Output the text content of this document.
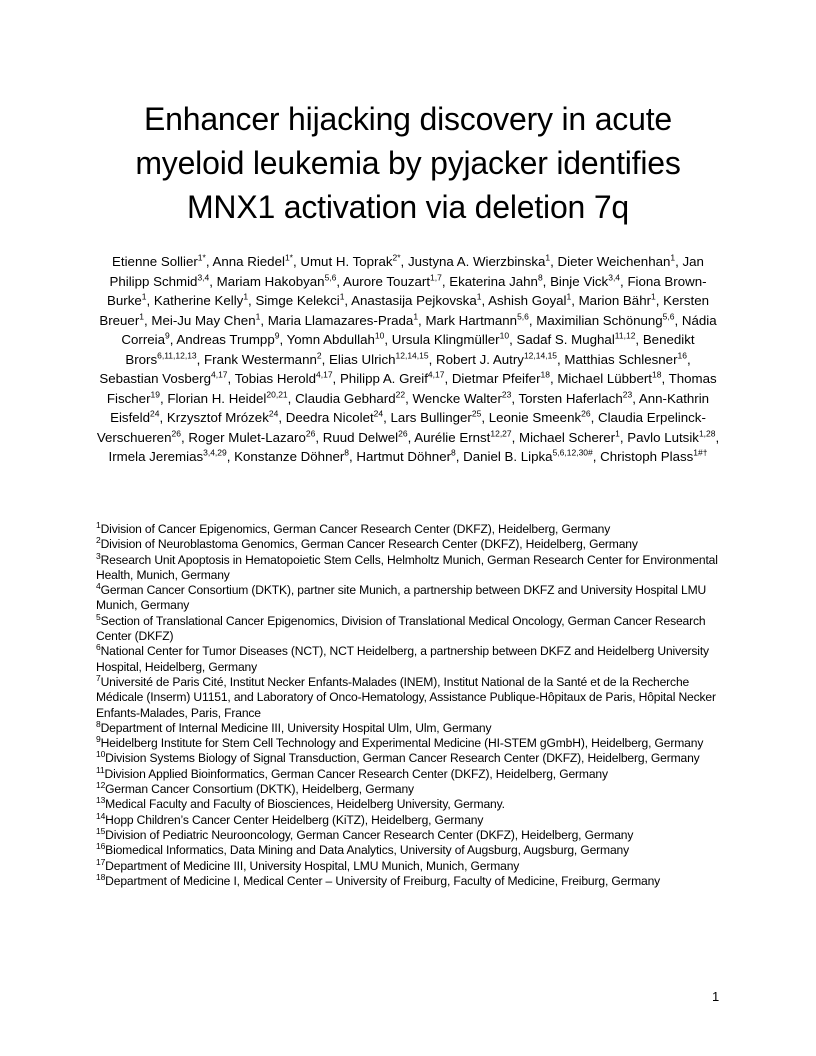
Enhancer hijacking discovery in acute
myeloid leukemia by pyjacker identifies
MNX1 activation via deletion 7q
Etienne Sollier$^{1*}$, Anna Riedel$^{1*}$, Umut H. Toprak$^{2*}$, Justyna A. Wierzbinska$^1$, Dieter Weichenhan$^1$, Jan Philipp Schmid$^{3,4}$, Mariam Hakobyan$^{5,6}$, Aurore Touzart$^{1,7}$, Ekaterina Jahn$^8$, Binje Vick$^{3,4}$, Fiona Brown-Burke$^1$, Katherine Kelly$^1$, Simge Kelekci$^1$, Anastasija Pejkovska$^1$, Ashish Goyal$^1$, Marion Bähr$^1$, Kersten Breuer$^1$, Mei-Ju May Chen$^1$, Maria Llamazares-Prada$^1$, Mark Hartmann$^{5,6}$, Maximilian Schönung$^{5,6}$, Nádia Correia$^9$, Andreas Trumpp$^9$, Yomn Abdullah$^{10}$, Ursula Klingmüller$^{10}$, Sadaf S. Mughal$^{11,12}$, Benedikt Brors$^{6,11,12,13}$, Frank Westermann$^2$, Elias Ulrich$^{12,14,15}$, Robert J. Autry$^{12,14,15}$, Matthias Schlesner$^{16}$, Sebastian Vosberg$^{4,17}$, Tobias Herold$^{4,17}$, Philipp A. Greif$^{4,17}$, Dietmar Pfeifer$^{18}$, Michael Lübbert$^{18}$, Thomas Fischer$^{19}$, Florian H. Heidel$^{20,21}$, Claudia Gebhard$^{22}$, Wencke Walter$^{23}$, Torsten Haferlach$^{23}$, Ann-Kathrin Eisfeld$^{24}$, Krzysztof Mrózek$^{24}$, Deedra Nicolet$^{24}$, Lars Bullinger$^{25}$, Leonie Smeenk$^{26}$, Claudia Erpelinck-Verschueren$^{26}$, Roger Mulet-Lazaro$^{26}$, Ruud Delwel$^{26}$, Aurélie Ernst$^{12,27}$, Michael Scherer$^1$, Pavlo Lutsik$^{1,28}$, Irmela Jeremias$^{3,4,29}$, Konstanze Döhner$^8$, Hartmut Döhner$^8$, Daniel B. Lipka$^{5,6,12,30\#}$, Christoph Plass$^{1\#\dagger}$
$^1$Division of Cancer Epigenomics, German Cancer Research Center (DKFZ), Heidelberg, Germany
$^2$Division of Neuroblastoma Genomics, German Cancer Research Center (DKFZ), Heidelberg, Germany
$^3$Research Unit Apoptosis in Hematopoietic Stem Cells, Helmholtz Munich, German Research Center for Environmental Health, Munich, Germany
$^4$German Cancer Consortium (DKTK), partner site Munich, a partnership between DKFZ and University Hospital LMU Munich, Germany
$^5$Section of Translational Cancer Epigenomics, Division of Translational Medical Oncology, German Cancer Research Center (DKFZ)
$^6$National Center for Tumor Diseases (NCT), NCT Heidelberg, a partnership between DKFZ and Heidelberg University Hospital, Heidelberg, Germany
$^7$Université de Paris Cité, Institut Necker Enfants-Malades (INEM), Institut National de la Santé et de la Recherche Médicale (Inserm) U1151, and Laboratory of Onco-Hematology, Assistance Publique-Hôpitaux de Paris, Hôpital Necker Enfants-Malades, Paris, France
$^8$Department of Internal Medicine III, University Hospital Ulm, Ulm, Germany
$^9$Heidelberg Institute for Stem Cell Technology and Experimental Medicine (HI-STEM gGmbH), Heidelberg, Germany
$^{10}$Division Systems Biology of Signal Transduction, German Cancer Research Center (DKFZ), Heidelberg, Germany
$^{11}$Division Applied Bioinformatics, German Cancer Research Center (DKFZ), Heidelberg, Germany
$^{12}$German Cancer Consortium (DKTK), Heidelberg, Germany
$^{13}$Medical Faculty and Faculty of Biosciences, Heidelberg University, Germany.
$^{14}$Hopp Children’s Cancer Center Heidelberg (KiTZ), Heidelberg, Germany
$^{15}$Division of Pediatric Neurooncology, German Cancer Research Center (DKFZ), Heidelberg, Germany
$^{16}$Biomedical Informatics, Data Mining and Data Analytics, University of Augsburg, Augsburg, Germany
$^{17}$Department of Medicine III, University Hospital, LMU Munich, Munich, Germany
$^{18}$Department of Medicine I, Medical Center – University of Freiburg, Faculty of Medicine, Freiburg, Germany
1
